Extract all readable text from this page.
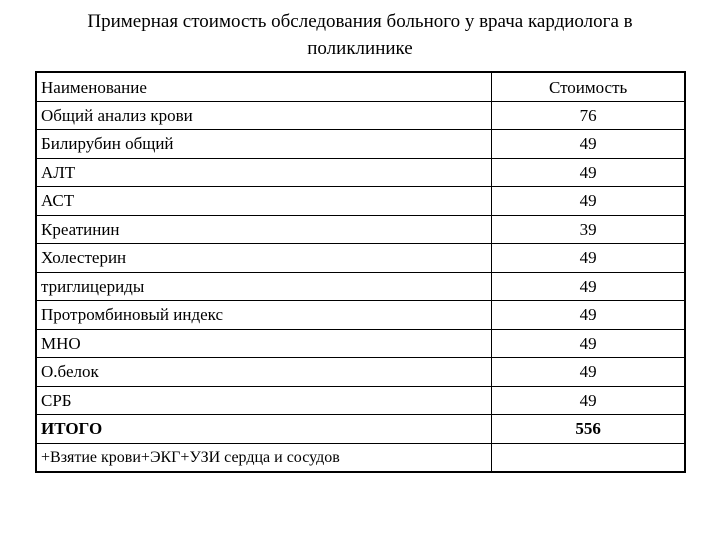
Примерная стоимость обследования больного у врача кардиолога в
поликлинике
Наименование	Стоимость
Общий анализ крови	76
Билирубин общий	49
АЛТ	49
АСТ	49
Креатинин	39
Холестерин	49
триглицериды	49
Протромбиновый индекс	49
МНО	49
О.белок	49
СРБ	49
ИТОГО	556
+Взятие крови+ЭКГ+УЗИ сердца и сосудов	
